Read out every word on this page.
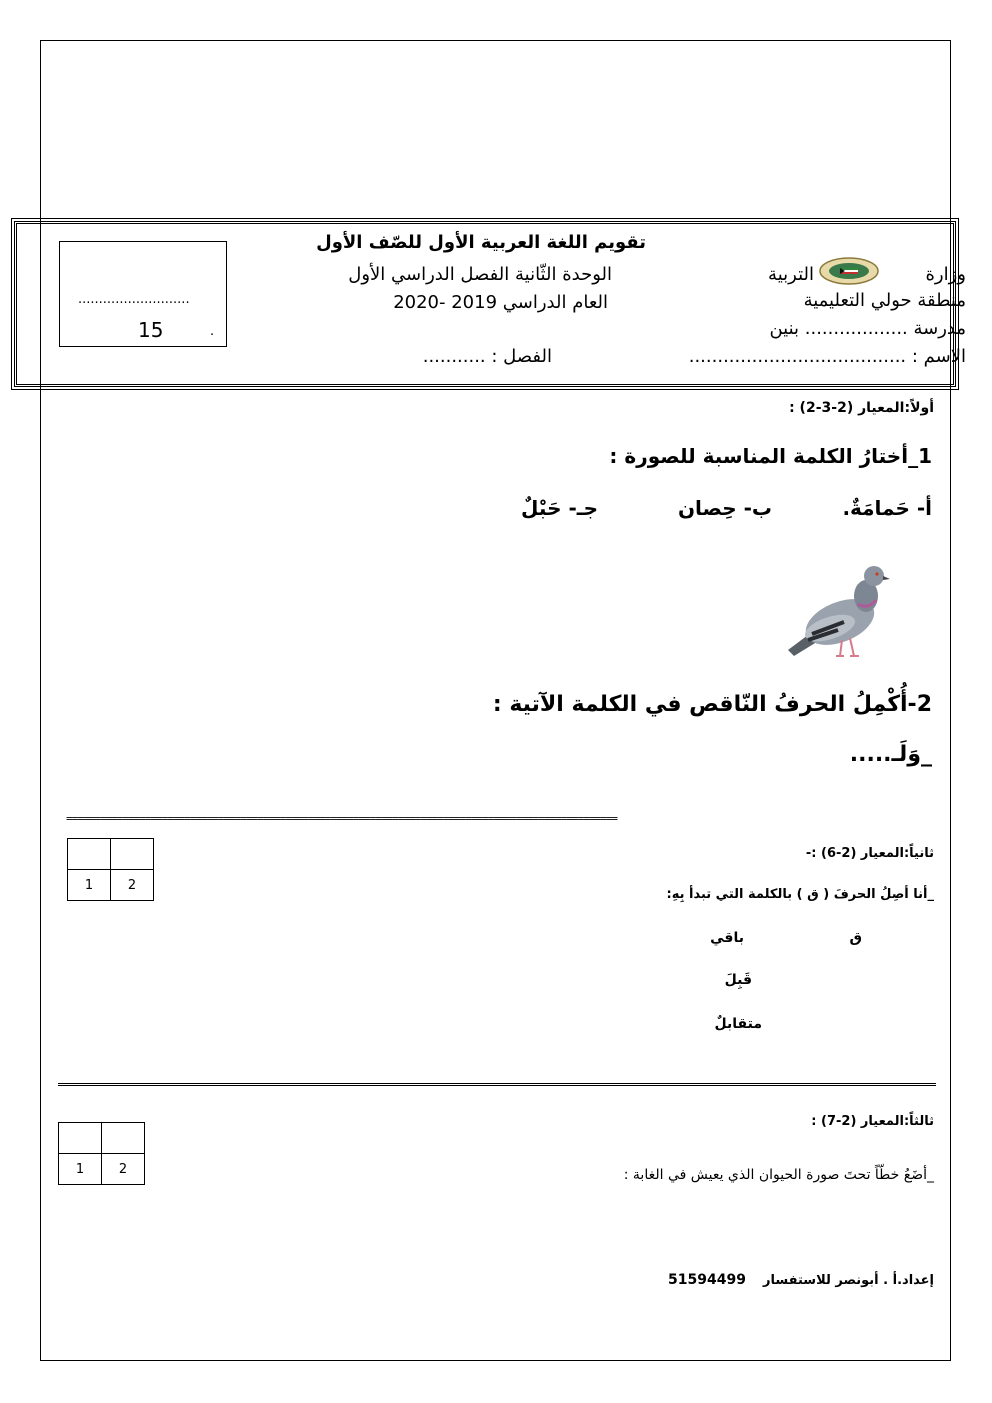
...........................
15	.
تقويم اللغة العربية الأول للصّف الأول
وزارة
التربية
الوحدة الثّانية الفصل الدراسي الأول
منطقة حولي التعليمية
العام الدراسي 2019 -2020
مدرسة .................. بنين
الاسم : ......................................
الفصل : ...........
أولاً:المعيار (2-3-2) :
1_أختارُ الكلمة المناسبة للصورة :
أ- حَمامَةٌ.
ب- حِصان
جـ- حَبْلٌ
2-أُكْمِلُ الحرفُ النّاقص في الكلمة الآتية :
_وَلَـ.....
==================================================================================================

1	2
ثانياً:المعيار (2-6) :-
_أنا أصِلُ الحرفَ ( ق ) بالكلمة التي تبدأ بِهِ:
ق
باقي
قَبِلَ
متقابلٌ

1	2
ثالثاً:المعيار (2-7) :
_أضَعُ خطّاً تحتَ صورة الحيوان الذي يعيش في الغابة :
إعداد.أ . أبونصر للاستفسار
51594499
